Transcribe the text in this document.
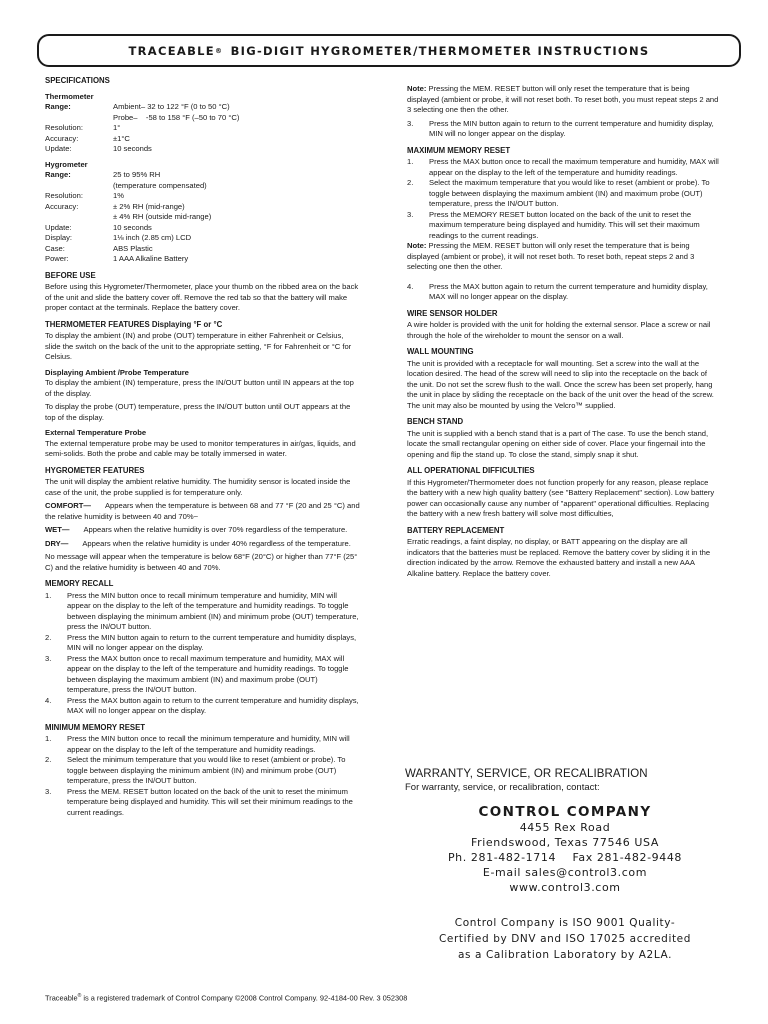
TRACEABLE ®
BIG-DIGIT HYGROMETER/THERMOMETER INSTRUCTIONS
SPECIFICATIONS
Thermometer
Range:	Ambient– 32 to 122 °F (0 to 50 °C)
Probe–    -58 to 158 °F (–50 to 70 °C)
Resolution:	1°
Accuracy:	±1°C
Update:	10 seconds
Hygrometer
Range:	25 to 95% RH
(temperature compensated)
Resolution:	1%
Accuracy:	± 2% RH (mid-range)
± 4% RH (outside mid-range)
Update:	10 seconds
Display:	1⅛ inch (2.85 cm) LCD
Case:	ABS Plastic
Power:	1 AAA Alkaline Battery
BEFORE USE

Before using this Hygrometer/Thermometer, place your thumb on the ribbed area on the back of the unit and slide the battery cover off. Remove the red tab so that the battery will make proper contact at the terminals. Replace the battery cover.

THERMOMETER FEATURES Displaying °F or °C

To display the ambient (IN) and probe (OUT) temperature in either Fahrenheit or Celsius, slide the switch on the back of the unit to the appropriate setting, °F for Fahrenheit or °C for Celsius.

Displaying Ambient /Probe Temperature

To display the ambient (IN) temperature, press the IN/OUT button until IN appears at the top of the display.

To display the probe (OUT) temperature, press the IN/OUT button until OUT appears at the top of the display.

External Temperature Probe

The external temperature probe may be used to monitor temperatures in air/gas, liquids, and semi-solids. Both the probe and cable may be totally immersed in water.

HYGROMETER FEATURES

The unit will display the ambient relative humidity. The humidity sensor is located inside the case of the unit, the probe supplied is for temperature only.

COMFORT— Appears when the temperature is between 68 and 77 °F (20 and 25 °C) and the relative humidity is between 40 and 70%~

WET— Appears when the relative humidity is over 70% regardless of the temperature.

DRY— Appears when the relative humidity is under 40% regardless of the temperature.

No message will appear when the temperature is below 68°F (20°C) or higher than 77°F (25° C) and the relative humidity is between 40 and 70%.

MEMORY RECALL
1.	Press the MIN button once to recall minimum temperature and humidity, MIN will appear on the display to the left of the temperature and humidity readings. To toggle between displaying the minimum ambient (IN) and minimum probe (OUT) temperature, press the IN/OUT button.
2.	Press the MIN button again to return to the current temperature and humidity displays, MIN will no longer appear on the display.
3.	Press the MAX button once to recall maximum temperature and humidity, MAX will appear on the display to the left of the temperature and humidity readings. To toggle between displaying the maximum ambient (IN) and maximum probe (OUT) temperature, press the IN/OUT button.
4.	Press the MAX button again to return to the current temperature and humidity displays, MAX will no longer appear on the display.
MINIMUM MEMORY RESET
1.	Press the MIN button once to recall the minimum temperature and humidity, MIN will appear on the display to the left of the temperature and humidity readings.
2.	Select the minimum temperature that you would like to reset (ambient or probe). To toggle between displaying the minimum ambient (IN) and minimum probe (OUT) temperature, press the IN/OUT button.
3.	Press the MEM. RESET button located on the back of the unit to reset the minimum temperature being displayed and humidity. This will set their minimum readings to the current readings.

Note: Pressing the MEM. RESET button will only reset the temperature that is being displayed (ambient or probe, it will not reset both. To reset both, you must repeat steps 2 and 3 selecting one then the other.

3.	Press the MIN button again to return to the current temperature and humidity display, MIN will no longer appear on the display.
MAXIMUM MEMORY RESET
1.	Press the MAX button once to recall the maximum temperature and humidity, MAX will appear on the display to the left of the temperature and humidity readings.
2.	Select the maximum temperature that you would like to reset (ambient or probe). To toggle between displaying the maximum ambient (IN) and maximum probe (OUT) temperature, press the IN/OUT button.
3.	Press the MEMORY RESET button located on the back of the unit to reset the maximum temperature being displayed and humidity. This will set their maximum readings to the current readings.

Note: Pressing the MEM. RESET button will only reset the temperature that is being displayed (ambient or probe), it will not reset both. To reset both, repeat steps 2 and 3 selecting one then the other.

4.	Press the MAX button again to return the current temperature and humidity display, MAX will no longer appear on the display.
WIRE SENSOR HOLDER

A wire holder is provided with the unit for holding the external sensor. Place a screw or nail through the hole of the wireholder to mount the sensor on a wall.

WALL MOUNTING

The unit is provided with a receptacle for wall mounting. Set a screw into the wall at the location desired. The head of the screw will need to slip into the receptacle on the back of the unit. Do not set the screw flush to the wall. Once the screw has been set properly, hang the unit in place by sliding the receptacle on the back of the unit over the head of the screw. The unit may also be mounted by using the Velcro™ supplied.

BENCH STAND

The unit is supplied with a bench stand that is a part of The case. To use the bench stand, locate the small rectangular opening on either side of cover. Place your fingernail into the opening and flip the stand up. To close the stand, simply snap it shut.

ALL OPERATIONAL DIFFICULTIES

If this Hygrometer/Thermometer does not function properly for any reason, please replace the battery with a new high quality battery (see "Battery Replacement" section). Low battery power can occasionally cause any number of "apparent" operational difficulties. Replacing the battery with a new fresh battery will solve most difficulties,

BATTERY REPLACEMENT

Erratic readings, a faint display, no display, or BATT appearing on the display are all indicators that the batteries must be replaced. Remove the battery cover by sliding it in the direction indicated by the arrow. Remove the exhausted battery and install a new AAA Alkaline battery. Replace the battery cover.

WARRANTY, SERVICE, OR RECALIBRATION
For warranty, service, or recalibration, contact:
CONTROL COMPANY
4455 Rex Road
Friendswood, Texas 77546 USA
Ph. 281-482-1714    Fax 281-482-9448
E-mail sales@control3.com
www.control3.com
Control Company is ISO 9001 Quality-
Certified by DNV and ISO 17025 accredited
as a Calibration Laboratory by A2LA.
Traceable® is a registered trademark of Control Company ©2008 Control Company. 92-4184-00 Rev. 3 052308
